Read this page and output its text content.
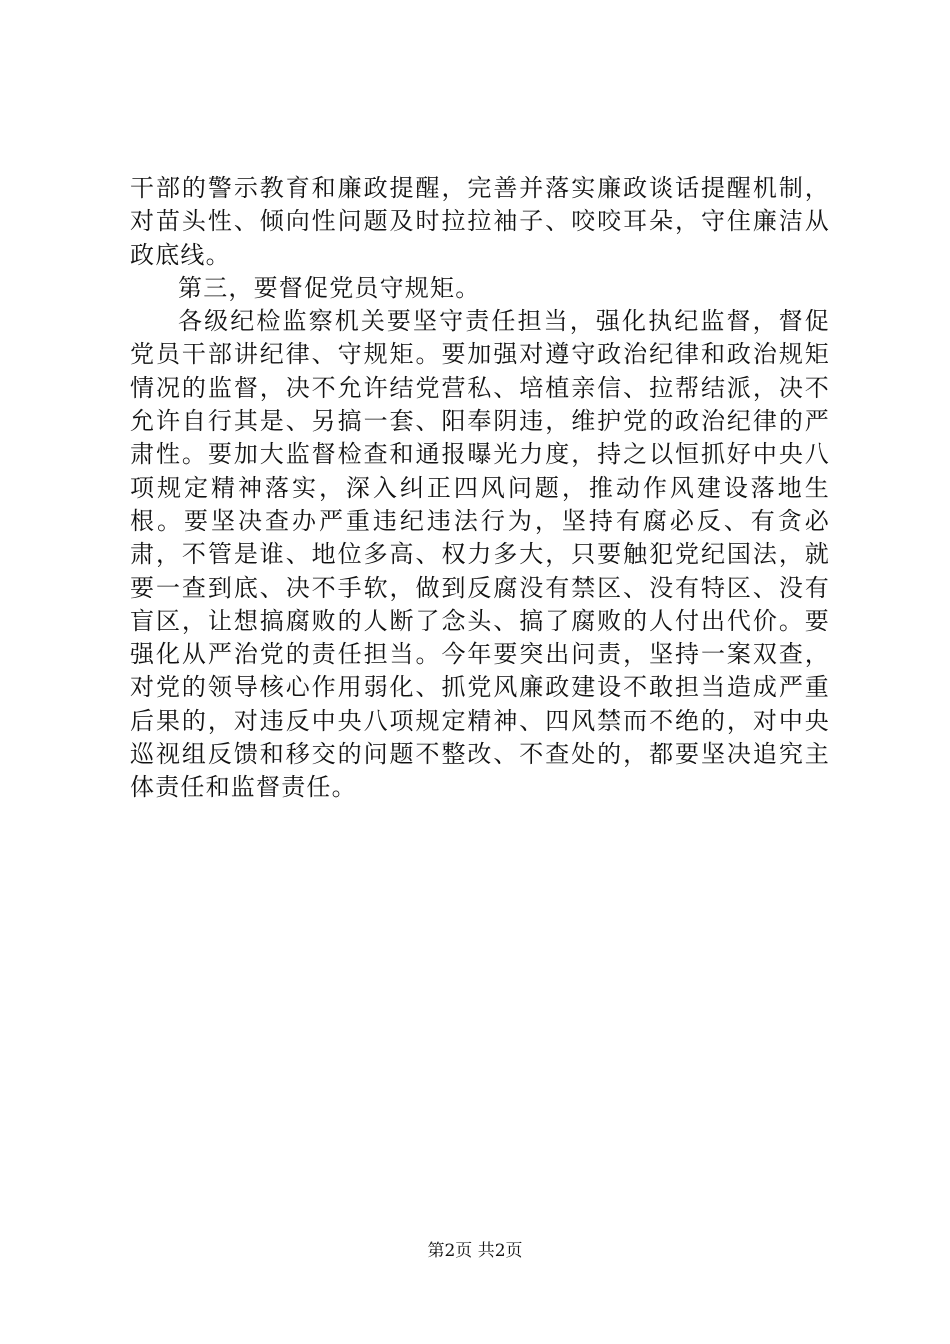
干部的警示教育和廉政提醒，完善并落实廉政谈话提醒机制，对苗头性、倾向性问题及时拉拉袖子、咬咬耳朵，守住廉洁从政底线。

第三，要督促党员守规矩。

各级纪检监察机关要坚守责任担当，强化执纪监督，督促党员干部讲纪律、守规矩。要加强对遵守政治纪律和政治规矩情况的监督，决不允许结党营私、培植亲信、拉帮结派，决不允许自行其是、另搞一套、阳奉阴违，维护党的政治纪律的严肃性。要加大监督检查和通报曝光力度，持之以恒抓好中央八项规定精神落实，深入纠正四风问题，推动作风建设落地生根。要坚决查办严重违纪违法行为，坚持有腐必反、有贪必肃，不管是谁、地位多高、权力多大，只要触犯党纪国法，就要一查到底、决不手软，做到反腐没有禁区、没有特区、没有盲区，让想搞腐败的人断了念头、搞了腐败的人付出代价。要强化从严治党的责任担当。今年要突出问责，坚持一案双查，对党的领导核心作用弱化、抓党风廉政建设不敢担当造成严重后果的，对违反中央八项规定精神、四风禁而不绝的，对中央巡视组反馈和移交的问题不整改、不查处的，都要坚决追究主体责任和监督责任。

第2页 共2页
